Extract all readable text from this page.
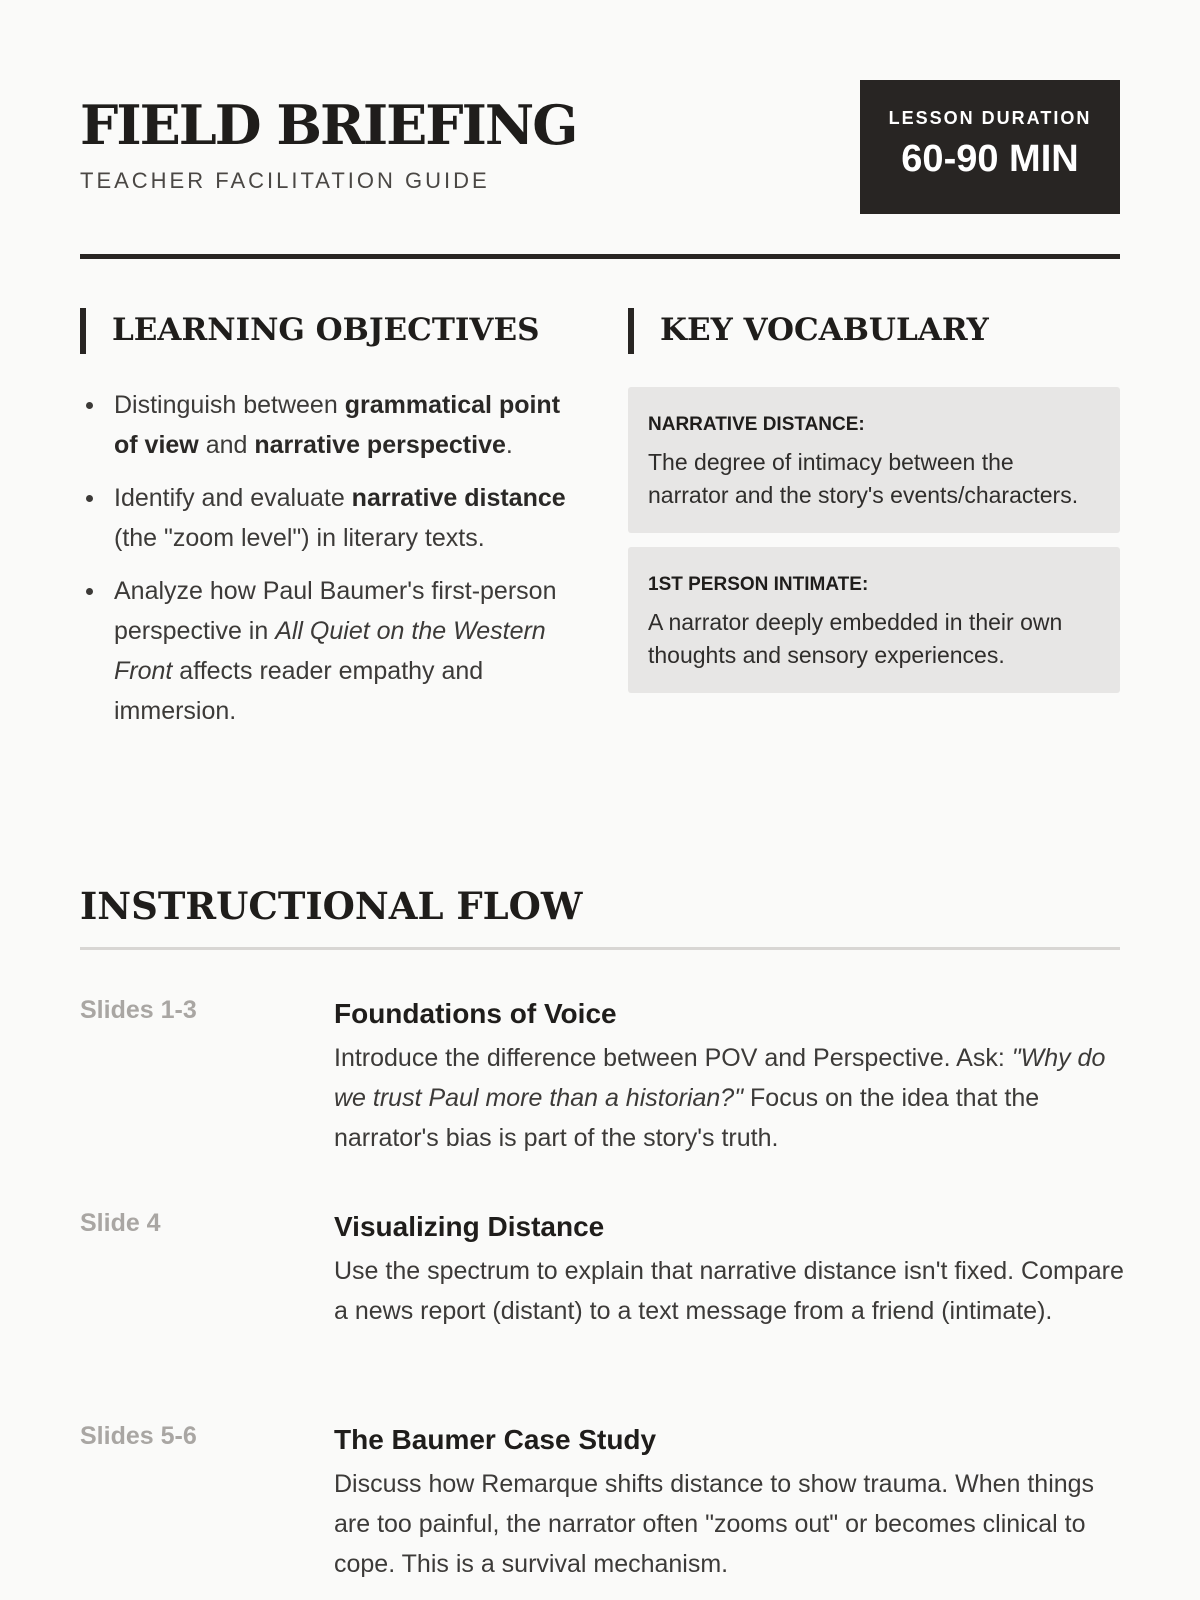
FIELD BRIEFING
TEACHER FACILITATION GUIDE
LESSON DURATION
60-90 MIN
LEARNING OBJECTIVES
Distinguish between grammatical point of view and narrative perspective.
Identify and evaluate narrative distance (the "zoom level") in literary texts.
Analyze how Paul Baumer's first-person perspective in All Quiet on the Western Front affects reader empathy and immersion.
KEY VOCABULARY
NARRATIVE DISTANCE:
The degree of intimacy between the narrator and the story's events/characters.
1ST PERSON INTIMATE:
A narrator deeply embedded in their own thoughts and sensory experiences.
INSTRUCTIONAL FLOW
Slides 1-3	Foundations of Voice

Introduce the difference between POV and Perspective. Ask: "Why do we trust Paul more than a historian?" Focus on the idea that the narrator's bias is part of the story's truth.

Slide 4	Visualizing Distance

Use the spectrum to explain that narrative distance isn't fixed. Compare a news report (distant) to a text message from a friend (intimate).

Slides 5-6	The Baumer Case Study

Discuss how Remarque shifts distance to show trauma. When things are too painful, the narrator often "zooms out" or becomes clinical to cope. This is a survival mechanism.
